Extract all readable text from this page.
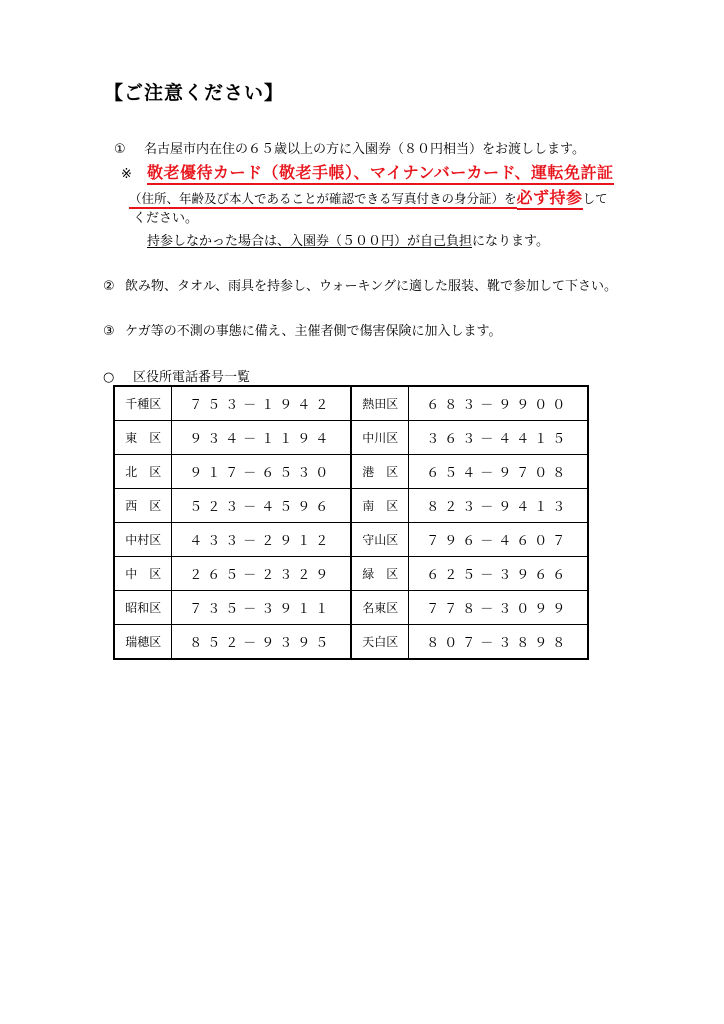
【ご注意ください】
① 名古屋市内在住の６５歳以上の方に入園券（８０円相当）をお渡しします。
※ 敬老優待カード（敬老手帳）、マイナンバーカード、運転免許証
（住所、年齢及び本人であることが確認できる写真付きの身分証）を必ず持参して
ください。
持参しなかった場合は、入園券（５００円）が自己負担になります。
② 飲み物、タオル、雨具を持参し、ウォーキングに適した服装、靴で参加して下さい。
③ ケガ等の不測の事態に備え、主催者側で傷害保険に加入します。
○ 区役所電話番号一覧
千種区	７５３－１９４２	熱田区	６８３－９９００
東　区	９３４－１１９４	中川区	３６３－４４１５
北　区	９１７－６５３０	港　区	６５４－９７０８
西　区	５２３－４５９６	南　区	８２３－９４１３
中村区	４３３－２９１２	守山区	７９６－４６０７
中　区	２６５－２３２９	緑　区	６２５－３９６６
昭和区	７３５－３９１１	名東区	７７８－３０９９
瑞穂区	８５２－９３９５	天白区	８０７－３８９８
